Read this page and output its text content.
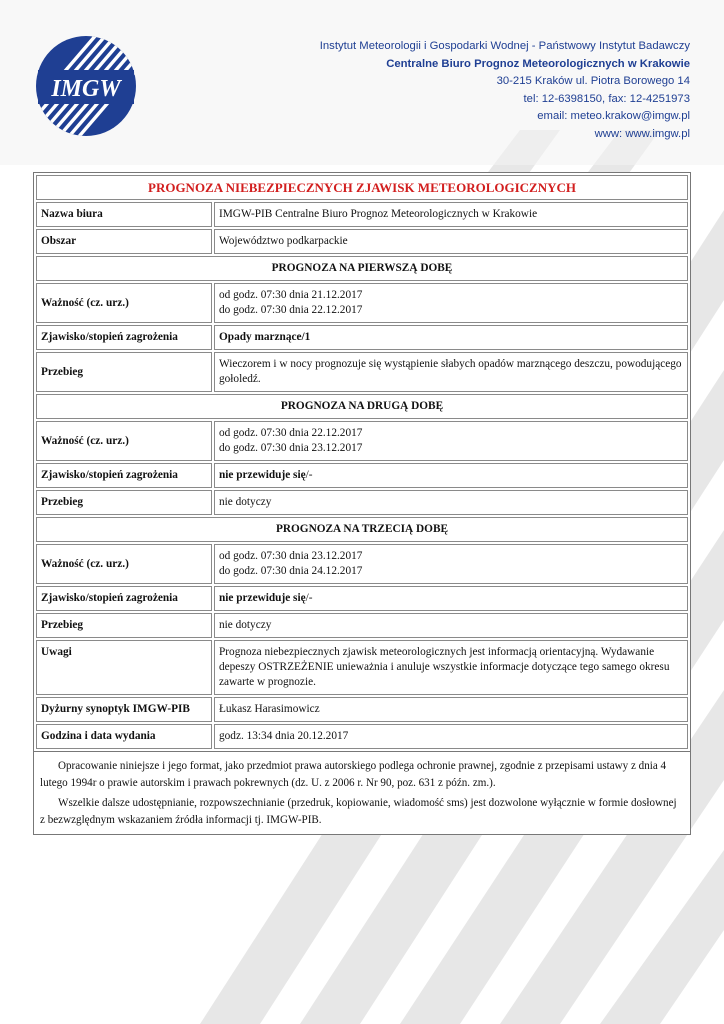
IMGW
Instytut Meteorologii i Gospodarki Wodnej - Państwowy Instytut Badawczy
Centralne Biuro Prognoz Meteorologicznych w Krakowie
30-215 Kraków ul. Piotra Borowego 14
tel: 12-6398150, fax: 12-4251973
email: meteo.krakow@imgw.pl
www: www.imgw.pl
PROGNOZA NIEBEZPIECZNYCH ZJAWISK METEOROLOGICZNYCH	
Nazwa biura	IMGW-PIB Centralne Biuro Prognoz Meteorologicznych w Krakowie
Obszar	Województwo podkarpackie
PROGNOZA NA PIERWSZĄ DOBĘ	
Ważność (cz. urz.)	od godz. 07:30 dnia 21.12.2017
do godz. 07:30 dnia 22.12.2017

Zjawisko/stopień zagrożenia	Opady marznące/1
Przebieg	Wieczorem i w nocy prognozuje się wystąpienie słabych opadów marznącego deszczu, powodującego gołoledź.
PROGNOZA NA DRUGĄ DOBĘ	
Ważność (cz. urz.)	od godz. 07:30 dnia 22.12.2017
do godz. 07:30 dnia 23.12.2017

Zjawisko/stopień zagrożenia	nie przewiduje się/-
Przebieg	nie dotyczy
PROGNOZA NA TRZECIĄ DOBĘ	
Ważność (cz. urz.)	od godz. 07:30 dnia 23.12.2017
do godz. 07:30 dnia 24.12.2017

Zjawisko/stopień zagrożenia	nie przewiduje się/-
Przebieg	nie dotyczy
Uwagi	Prognoza niebezpiecznych zjawisk meteorologicznych jest informacją orientacyjną. Wydawanie depeszy OSTRZEŻENIE unieważnia i anuluje wszystkie informacje dotyczące tego samego okresu zawarte w prognozie.
Dyżurny synoptyk IMGW-PIB	Łukasz Harasimowicz
Godzina i data wydania	godz. 13:34 dnia 20.12.2017

Opracowanie niniejsze i jego format, jako przedmiot prawa autorskiego podlega ochronie prawnej, zgodnie z przepisami ustawy z dnia 4 lutego 1994r o prawie autorskim i prawach pokrewnych (dz. U. z 2006 r. Nr 90, poz. 631 z późn. zm.).

Wszelkie dalsze udostępnianie, rozpowszechnianie (przedruk, kopiowanie, wiadomość sms) jest dozwolone wyłącznie w formie dosłownej z bezwzględnym wskazaniem źródła informacji tj. IMGW-PIB.
